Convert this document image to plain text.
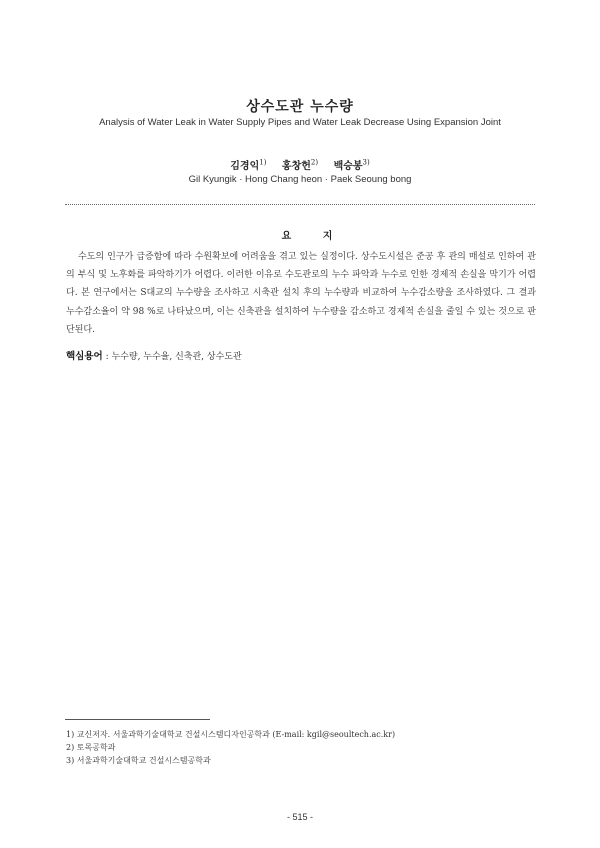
상수도관 누수량
Analysis of Water Leak in Water Supply Pipes and Water Leak Decrease Using Expansion Joint
김경익$^{1)}$ 홍창헌$^{2)}$ 백승봉$^{3)}$
Gil Kyungik · Hong Chang heon · Paek Seoung bong
요 지
수도의 인구가 급증함에 따라 수원확보에 어려움을 겪고 있는 실정이다. 상수도시설은 준공 후 관의 매설로 인하여 관의 부식 및 노후화를 파악하기가 어렵다. 이러한 이유로 수도관로의 누수 파악과 누수로 인한 경제적 손실을 막기가 어렵다. 본 연구에서는 S대교의 누수량을 조사하고 시축관 설치 후의 누수량과 비교하여 누수감소량을 조사하였다. 그 결과 누수감소율이 약 98 %로 나타났으며, 이는 신축관을 설치하여 누수량을 감소하고 경제적 손실을 줄일 수 있는 것으로 판단된다.
핵심용어 : 누수량, 누수율, 신축관, 상수도관
1) 교신저자. 서울과학기술대학교 건설시스템디자인공학과 (E-mail: kgil@seoultech.ac.kr)
2) 토목공학과
3) 서울과학기술대학교 건설시스템공학과
- 515 -
